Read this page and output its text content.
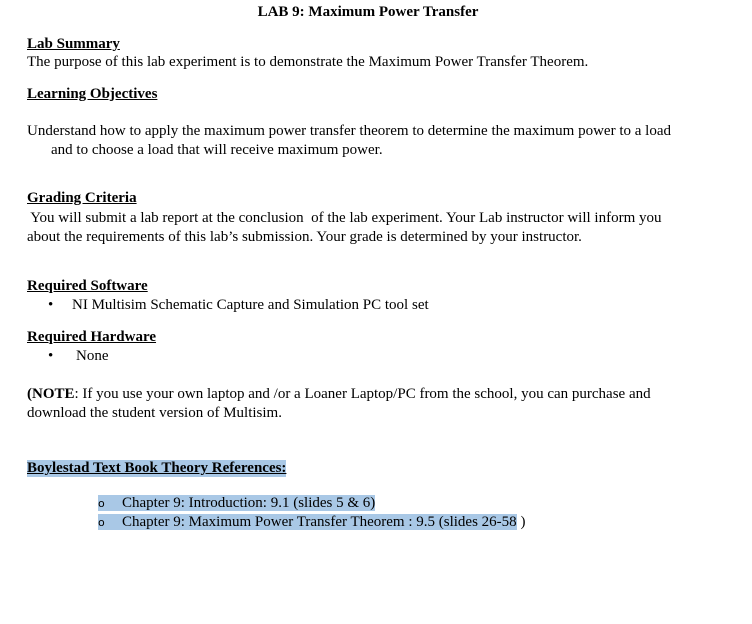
LAB 9: Maximum Power Transfer
Lab Summary
The purpose of this lab experiment is to demonstrate the Maximum Power Transfer Theorem.
Learning Objectives
Understand how to apply the maximum power transfer theorem to determine the maximum power to a load

and to choose a load that will receive maximum power.
Grading Criteria
You will submit a lab report at the conclusion  of the lab experiment. Your Lab instructor will inform you
about the requirements of this lab’s submission. Your grade is determined by your instructor.
Required Software
• NI Multisim Schematic Capture and Simulation PC tool set
Required Hardware
• None
(NOTE: If you use your own laptop and /or a Loaner Laptop/PC from the school, you can purchase and
download the student version of Multisim.
Boylestad Text Book Theory References:
o Chapter 9: Introduction: 9.1 (slides 5 & 6)
o Chapter 9: Maximum Power Transfer Theorem : 9.5 (slides 26-58 )
